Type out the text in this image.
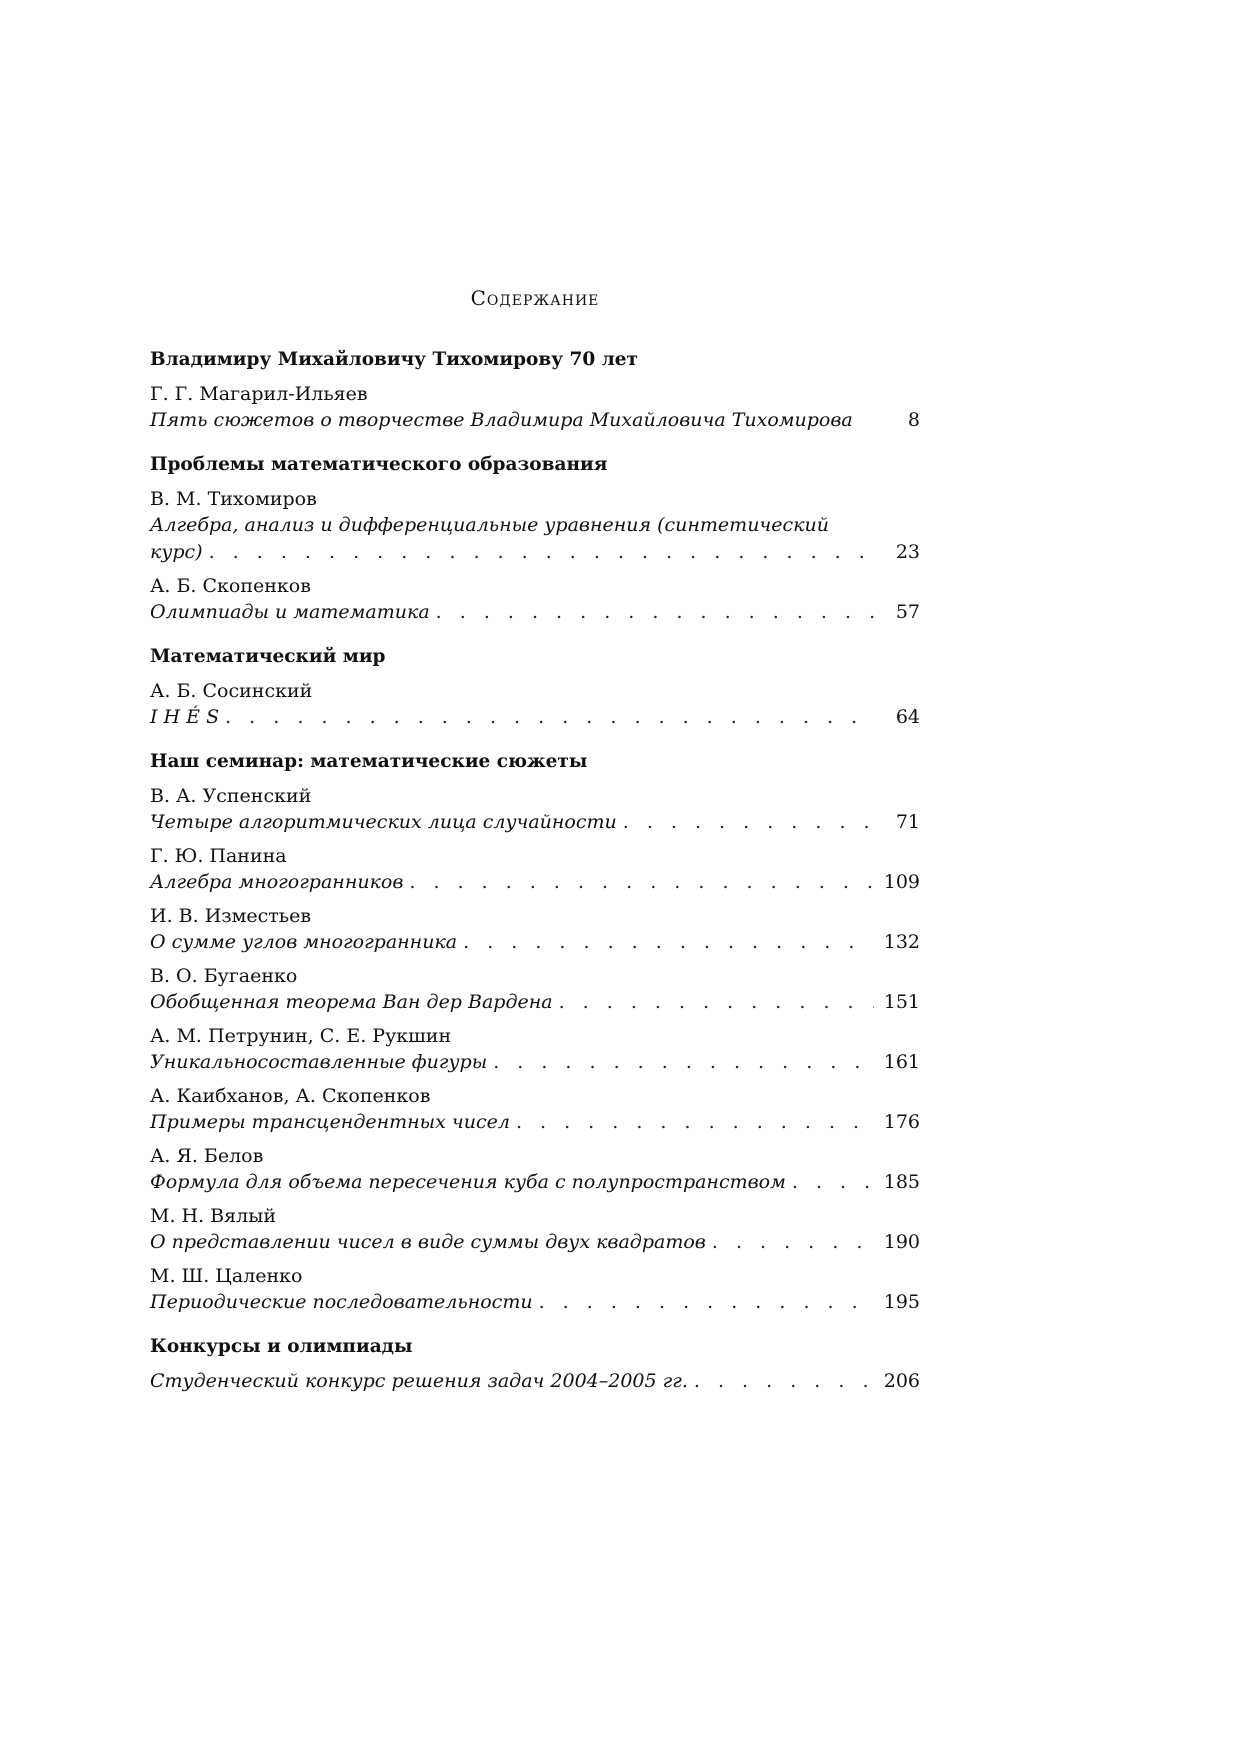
Содержание
Владимиру Михайловичу Тихомирову 70 лет
Г. Г. Магарил-Ильяев
Пять сюжетов о творчестве Владимира Михайловича Тихомирова	8
Проблемы математического образования
В. М. Тихомиров
Алгебра, анализ и дифференциальные уравнения (синтетический
курс) . . .	23
А. Б. Скопенков
Олимпиады и математика . . .	57
Математический мир
А. Б. Сосинский
I H É S . . .	64
Наш семинар: математические сюжеты
В. А. Успенский
Четыре алгоритмических лица случайности . . .	71
Г. Ю. Панина
Алгебра многогранников . . .	109
И. В. Изместьев
О сумме углов многогранника . . .	132
В. О. Бугаенко
Обобщенная теорема Ван дер Вардена . . .	151
А. М. Петрунин, С. Е. Рукшин
Уникальносоставленные фигуры . . .	161
А. Каибханов, А. Скопенков
Примеры трансцендентных чисел . . .	176
А. Я. Белов
Формула для объема пересечения куба с полупространством . . .	185
М. Н. Вялый
О представлении чисел в виде суммы двух квадратов . . .	190
М. Ш. Цаленко
Периодические последовательности . . .	195
Конкурсы и олимпиады
Студенческий конкурс решения задач 2004–2005 гг. . . .	206
